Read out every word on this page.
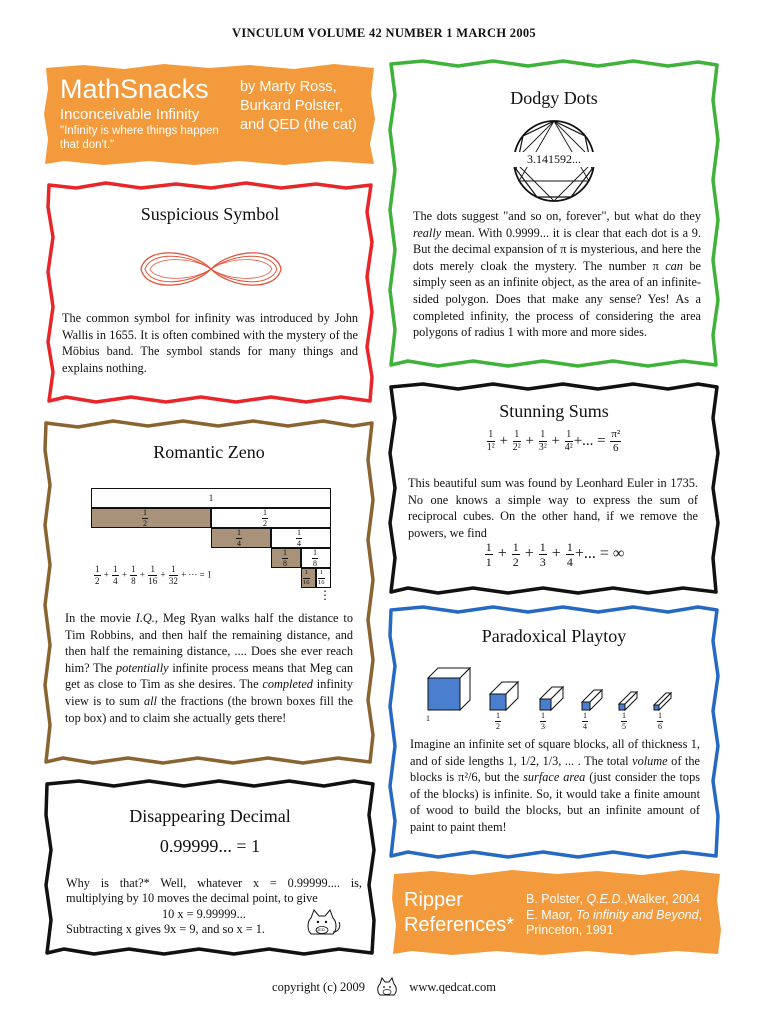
VINCULUM VOLUME 42 NUMBER 1 MARCH 2005
MathSnacks
Inconceivable Infinity
"Infinity is where things happen that don't."
by Marty Ross,
Burkard Polster,
and QED (the cat)
Suspicious Symbol
The common symbol for infinity was introduced by John Wallis in 1655. It is often combined with the mystery of the Möbius band. The symbol stands for many things and explains nothing.
Dodgy Dots
3.141592...
The dots suggest "and so on, forever", but what do they really mean. With 0.9999... it is clear that each dot is a 9. But the decimal expansion of π is mysterious, and here the dots merely cloak the mystery. The number π can be simply seen as an infinite object, as the area of an infinite-sided polygon. Does that make any sense? Yes! As a completed infinity, the process of considering the area polygons of radius 1 with more and more sides.
Romantic Zeno
1
$\frac{1}{2}$	$\frac{1}{2}$
$\frac{1}{4}$	$\frac{1}{4}$
$\frac{1}{8}$	$\frac{1}{8}$
$\frac{1}{16} \frac{1}{16}$
⋮
$\frac{1}{2} + \frac{1}{4} + \frac{1}{8} + \frac{1}{16} + \frac{1}{32}$ + ··· = 1
In the movie I.Q., Meg Ryan walks half the distance to Tim Robbins, and then half the remaining distance, and then half the remaining distance, .... Does she ever reach him? The potentially infinite process means that Meg can get as close to Tim as she desires. The completed infinity view is to sum all the fractions (the brown boxes fill the top box) and to claim she actually gets there!
Stunning Sums
$\frac{1}{\text{1²}} + \frac{1}{\text{2²}} + \frac{1}{\text{3²}} + \frac{1}{\text{4²}}$ +... = $\frac{\text{π²}}{6}$
This beautiful sum was found by Leonhard Euler in 1735. No one knows a simple way to express the sum of reciprocal cubes. On the other hand, if we remove the powers, we find
$\frac{1}{1} + \frac{1}{2} + \frac{1}{3} + \frac{1}{4}$ +... = ∞
Paradoxical Playtoy
1	$\frac{1}{2}$	$\frac{1}{3}$	$\frac{1}{4}$	$\frac{1}{5}$	$\frac{1}{6}$
Imagine an infinite set of square blocks, all of thickness 1, and of side lengths 1, 1/2, 1/3, ... . The total volume of the blocks is π²/6, but the surface area (just consider the tops of the blocks) is infinite. So, it would take a finite amount of wood to build the blocks, but an infinite amount of paint to paint them!
Disappearing Decimal
0.99999... = 1
Why is that?* Well, whatever x = 0.99999.... is,
multiplying by 10 moves the decimal point, to give
10 x = 9.99999...
Subtracting x gives 9x = 9, and so x = 1.	QED
Ripper
References*
B. Polster, Q.E.D.,Walker, 2004
E. Maor, To infinity and Beyond, Princeton, 1991
copyright (c) 2009	www.qedcat.com
